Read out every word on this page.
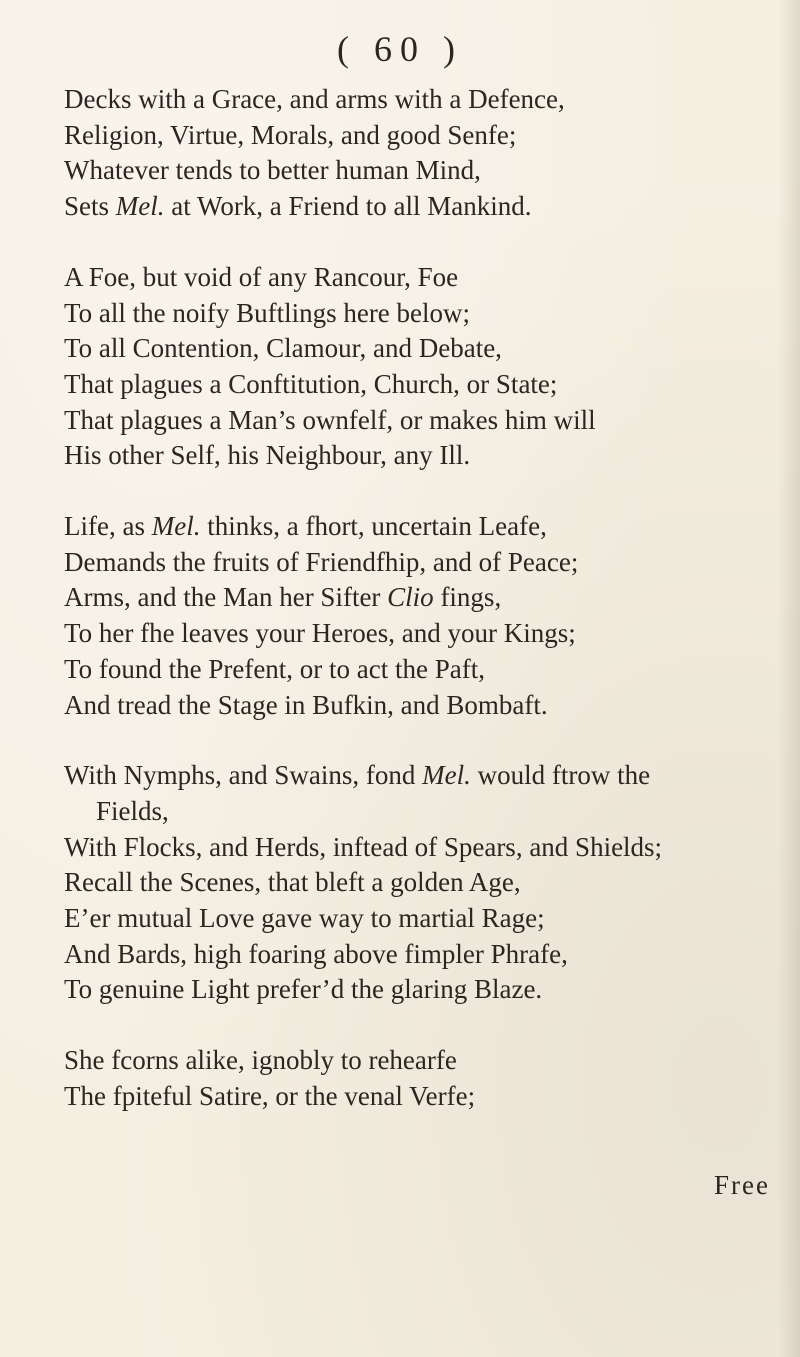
( 60 )
Decks with a Grace, and arms with a Defence,
Religion, Virtue, Morals, and good Senfe;
Whatever tends to better human Mind,
Sets Mel. at Work, a Friend to all Mankind.
A Foe, but void of any Rancour, Foe
To all the noify Buftlings here below;
To all Contention, Clamour, and Debate,
That plagues a Conftitution, Church, or State;
That plagues a Man’s ownfelf, or makes him will
His other Self, his Neighbour, any Ill.
Life, as Mel. thinks, a fhort, uncertain Leafe,
Demands the fruits of Friendfhip, and of Peace;
Arms, and the Man her Sifter Clio fings,
To her fhe leaves your Heroes, and your Kings;
To found the Prefent, or to act the Paft,
And tread the Stage in Bufkin, and Bombaft.
With Nymphs, and Swains, fond Mel. would ftrow the
Fields,
With Flocks, and Herds, inftead of Spears, and Shields;
Recall the Scenes, that bleft a golden Age,
E’er mutual Love gave way to martial Rage;
And Bards, high foaring above fimpler Phrafe,
To genuine Light prefer’d the glaring Blaze.
She fcorns alike, ignobly to rehearfe
The fpiteful Satire, or the venal Verfe;
Free
